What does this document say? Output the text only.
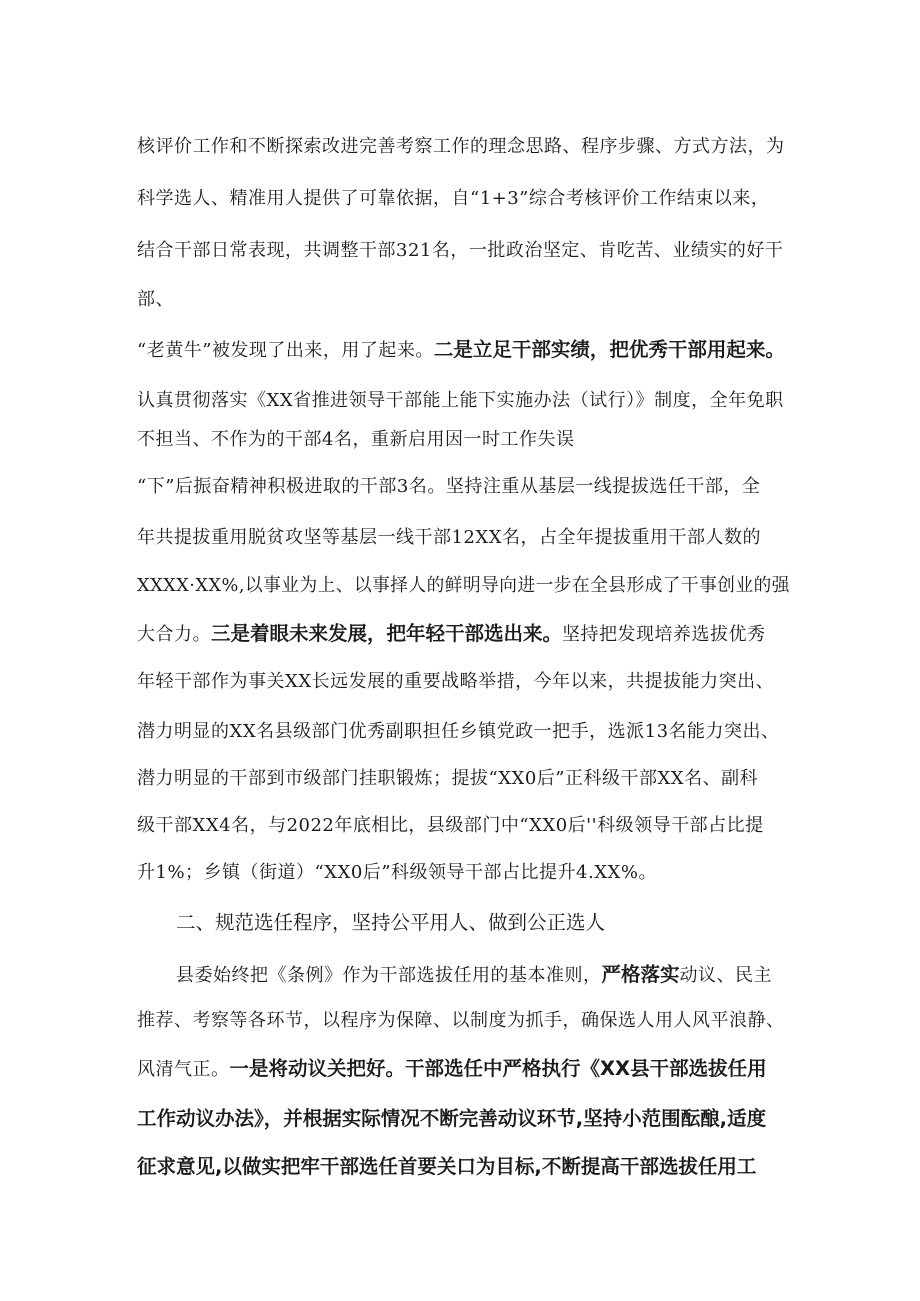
核评价工作和不断探索改进完善考察工作的理念思路、程序步骤、方式方法，为
科学选人、精准用人提供了可靠依据，自“1+3”综合考核评价工作结束以来，
结合干部日常表现，共调整干部321名，一批政治坚定、肯吃苦、业绩实的好干
部、
“老黄牛”被发现了出来，用了起来。二是立足干部实绩，把优秀干部用起来。
认真贯彻落实《XX省推进领导干部能上能下实施办法（试行）》制度，全年免职
不担当、不作为的干部4名，重新启用因一时工作失误
“下”后振奋精神积极进取的干部3名。坚持注重从基层一线提拔选任干部，全
年共提拔重用脱贫攻坚等基层一线干部12XX名，占全年提拔重用干部人数的
XXXX·XX%,以事业为上、以事择人的鲜明导向进一步在全县形成了干事创业的强
大合力。三是着眼未来发展，把年轻干部选出来。坚持把发现培养选拔优秀
年轻干部作为事关XX长远发展的重要战略举措，今年以来，共提拔能力突出、
潜力明显的XX名县级部门优秀副职担任乡镇党政一把手，选派13名能力突出、
潜力明显的干部到市级部门挂职锻炼；提拔“XX0后”正科级干部XX名、副科
级干部XX4名，与2022年底相比，县级部门中“XX0后''科级领导干部占比提
升1%；乡镇（街道）“XX0后”科级领导干部占比提升4.XX%。
二、规范选任程序，坚持公平用人、做到公正选人
县委始终把《条例》作为干部选拔任用的基本准则，严格落实动议、民主
推荐、考察等各环节，以程序为保障、以制度为抓手，确保选人用人风平浪静、
风清气正。一是将动议关把好。干部选任中严格执行《XX县干部选拔任用
工作动议办法》，并根据实际情况不断完善动议环节,坚持小范围酝酿,适度
征求意见,以做实把牢干部选任首要关口为目标,不断提高干部选拔任用工
